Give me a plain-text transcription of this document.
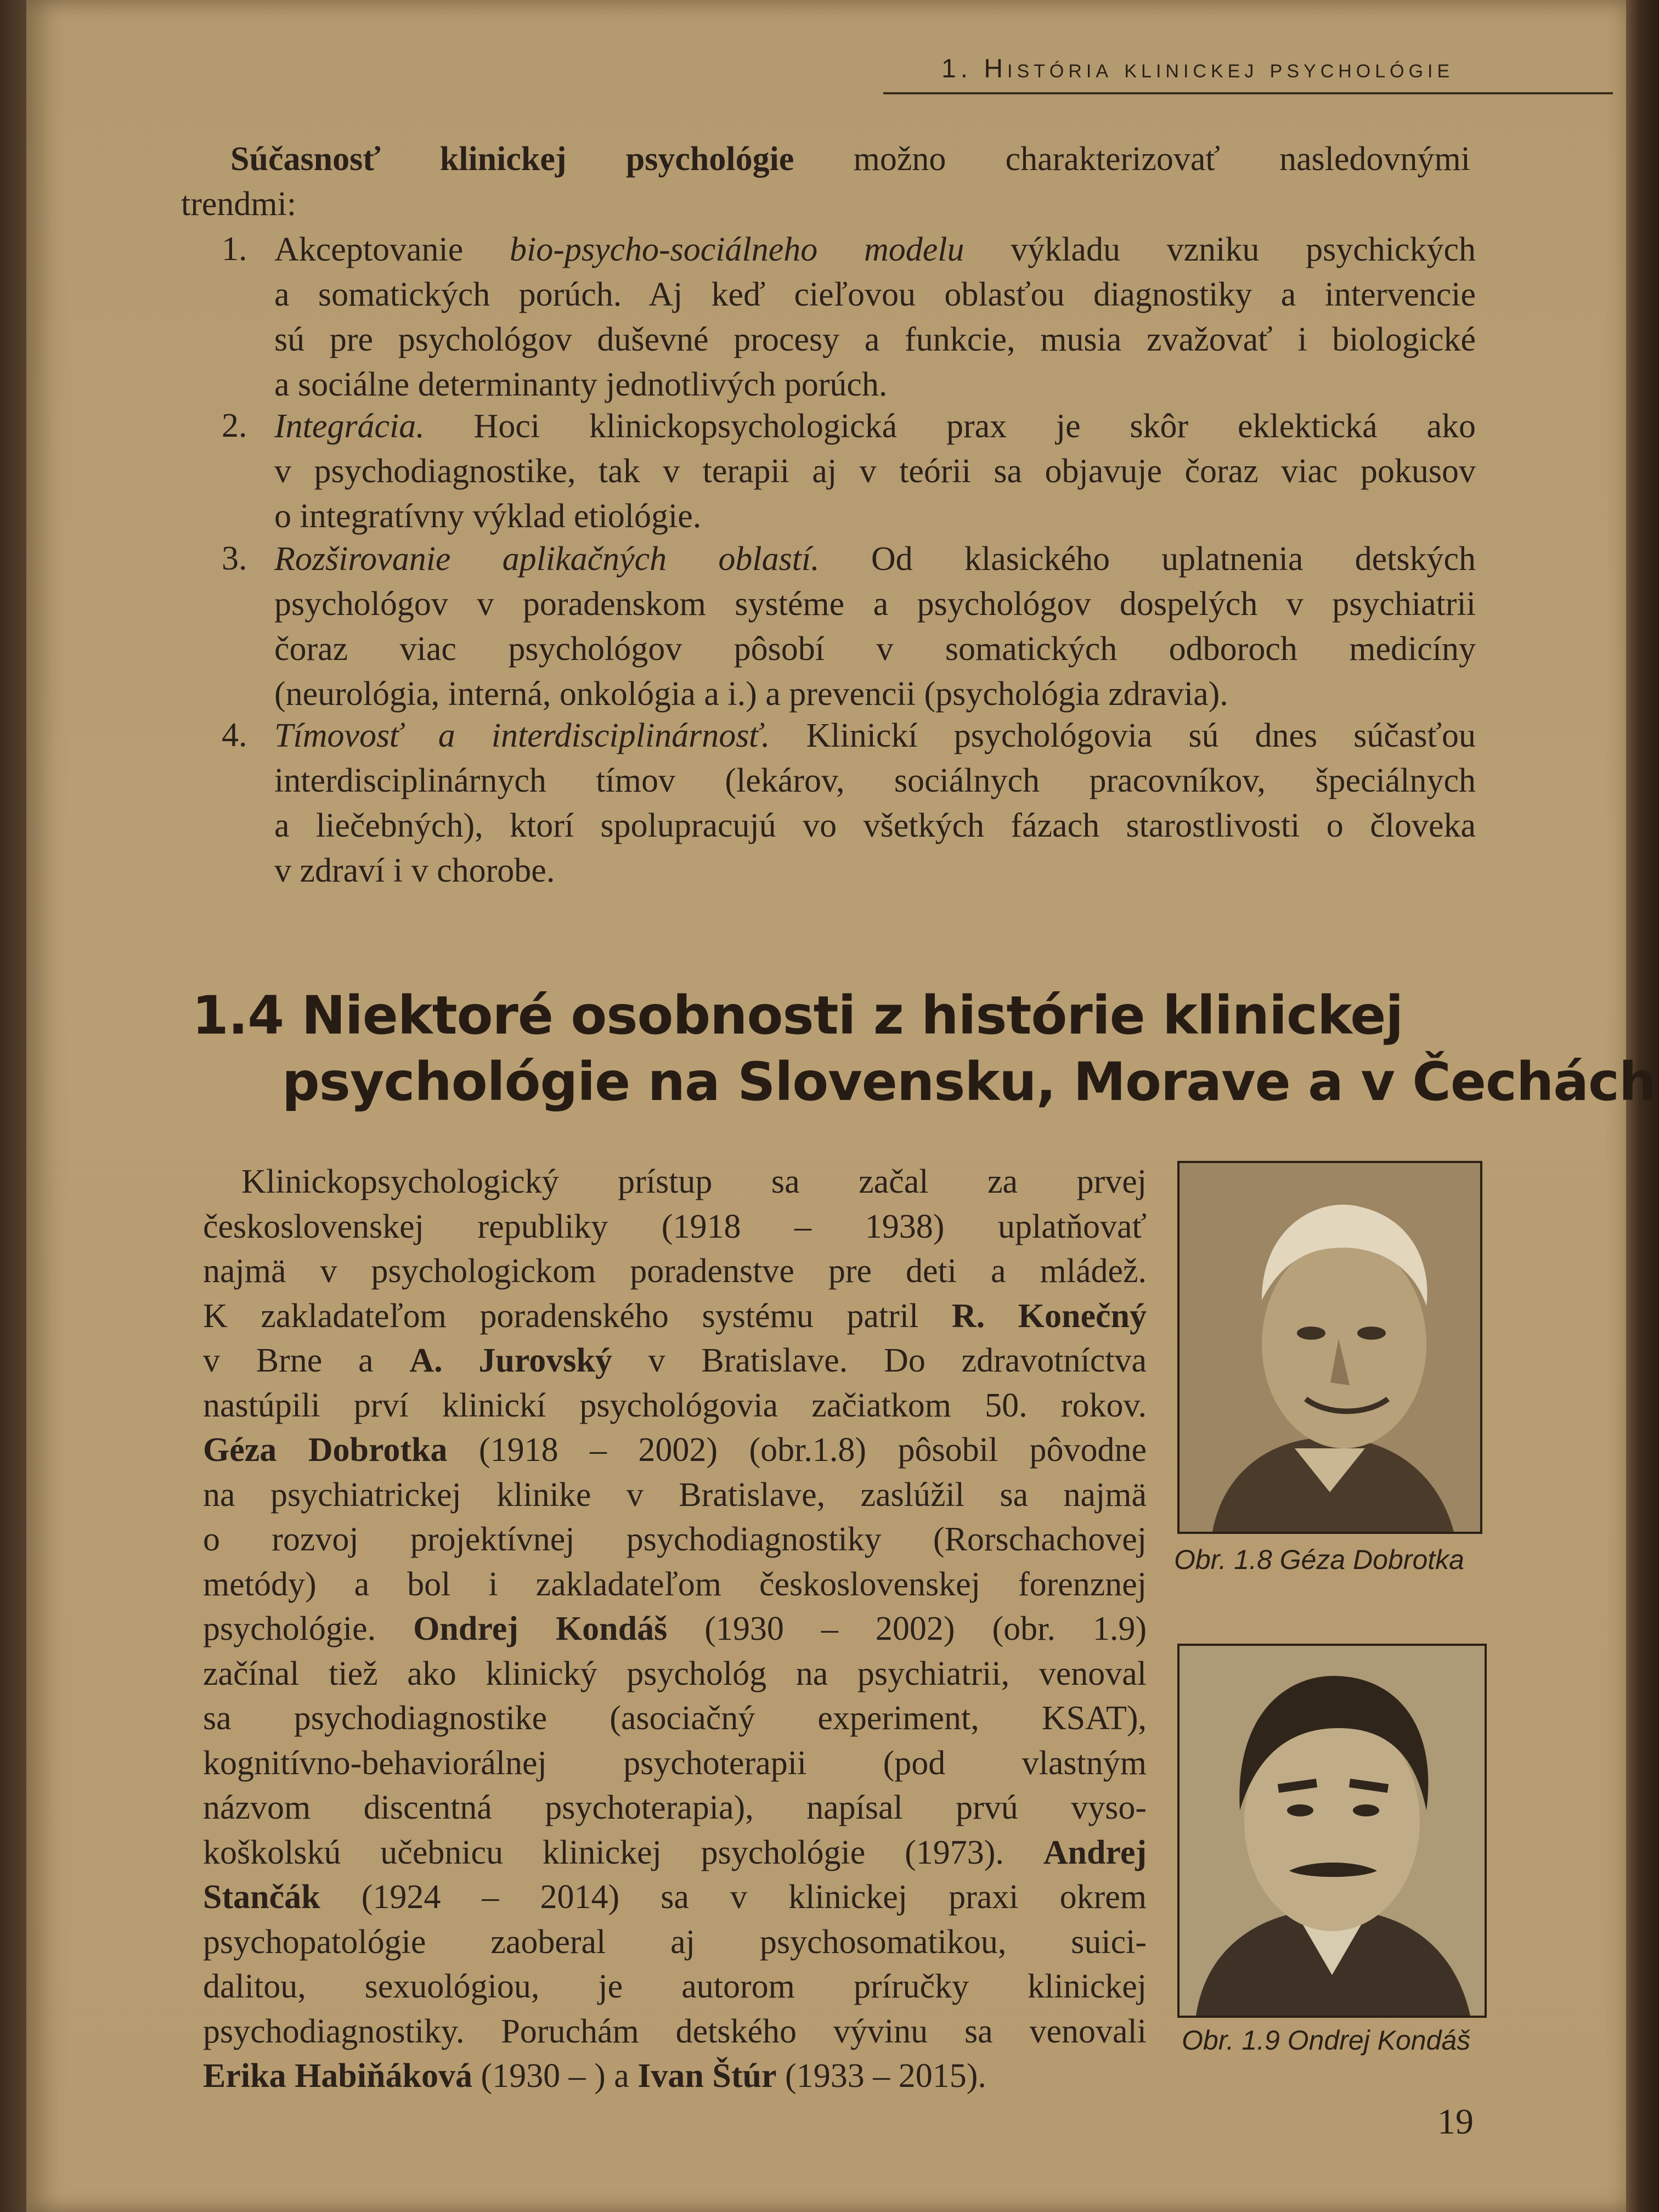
1. História klinickej psychológie
Súčasnosť klinickej psychológie možno charakterizovať nasledovnými
trendmi:
1. Akceptovanie bio-psycho-sociálneho modelu výkladu vzniku psychických
a somatických porúch. Aj keď cieľovou oblasťou diagnostiky a intervencie
sú pre psychológov duševné procesy a funkcie, musia zvažovať i biologické
a sociálne determinanty jednotlivých porúch.
2. Integrácia. Hoci klinickopsychologická prax je skôr eklektická ako
v psychodiagnostike, tak v terapii aj v teórii sa objavuje čoraz viac pokusov
o integratívny výklad etiológie.
3. Rozširovanie aplikačných oblastí. Od klasického uplatnenia detských
psychológov v poradenskom systéme a psychológov dospelých v psychiatrii
čoraz viac psychológov pôsobí v somatických odboroch medicíny
(neurológia, interná, onkológia a i.) a prevencii (psychológia zdravia).
4. Tímovosť a interdisciplinárnosť. Klinickí psychológovia sú dnes súčasťou
interdisciplinárnych tímov (lekárov, sociálnych pracovníkov, špeciálnych
a liečebných), ktorí spolupracujú vo všetkých fázach starostlivosti o človeka
v zdraví i v chorobe.
1.4 Niektoré osobnosti z histórie klinickej
psychológie na Slovensku, Morave a v Čechách
Klinickopsychologický prístup sa začal za prvej
československej republiky (1918 – 1938) uplatňovať
najmä v psychologickom poradenstve pre deti a mládež.
K zakladateľom poradenského systému patril R. Konečný
v Brne a A. Jurovský v Bratislave. Do zdravotníctva
nastúpili prví klinickí psychológovia začiatkom 50. rokov.
Géza Dobrotka (1918 – 2002) (obr.1.8) pôsobil pôvodne
na psychiatrickej klinike v Bratislave, zaslúžil sa najmä
o rozvoj projektívnej psychodiagnostiky (Rorschachovej
metódy) a bol i zakladateľom československej forenznej
psychológie. Ondrej Kondáš (1930 – 2002) (obr. 1.9)
začínal tiež ako klinický psychológ na psychiatrii, venoval
sa psychodiagnostike (asociačný experiment, KSAT),
kognitívno-behaviorálnej psychoterapii (pod vlastným
názvom discentná psychoterapia), napísal prvú vyso-
koškolskú učebnicu klinickej psychológie (1973). Andrej
Stančák (1924 – 2014) sa v klinickej praxi okrem
psychopatológie zaoberal aj psychosomatikou, suici-
dalitou, sexuológiou, je autorom príručky klinickej
psychodiagnostiky. Poruchám detského vývinu sa venovali
Erika Habiňáková (1930 – ) a Ivan Štúr (1933 – 2015).
Obr. 1.8 Géza Dobrotka
Obr. 1.9 Ondrej Kondáš
19
